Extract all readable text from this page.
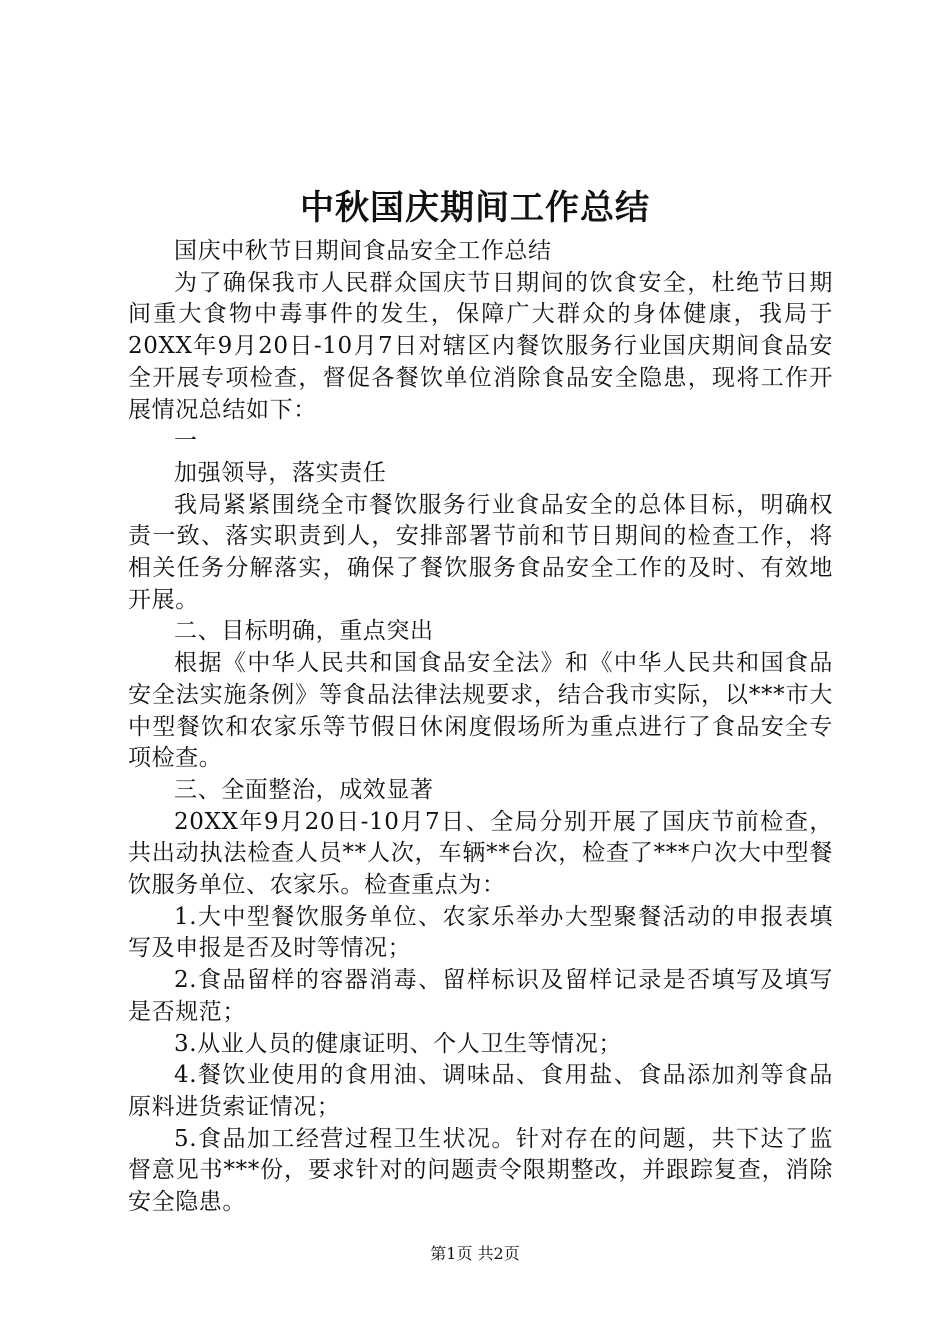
中秋国庆期间工作总结

国庆中秋节日期间食品安全工作总结

为了确保我市人民群众国庆节日期间的饮食安全，杜绝节日期间重大食物中毒事件的发生，保障广大群众的身体健康，我局于20XX年9月20日-10月7日对辖区内餐饮服务行业国庆期间食品安全开展专项检查，督促各餐饮单位消除食品安全隐患，现将工作开展情况总结如下：

一

加强领导，落实责任

我局紧紧围绕全市餐饮服务行业食品安全的总体目标，明确权责一致、落实职责到人，安排部署节前和节日期间的检查工作，将相关任务分解落实，确保了餐饮服务食品安全工作的及时、有效地开展。

二、目标明确，重点突出

根据《中华人民共和国食品安全法》和《中华人民共和国食品安全法实施条例》等食品法律法规要求，结合我市实际，以***市大中型餐饮和农家乐等节假日休闲度假场所为重点进行了食品安全专项检查。

三、全面整治，成效显著

20XX年9月20日-10月7日、全局分别开展了国庆节前检查，共出动执法检查人员**人次，车辆**台次，检查了***户次大中型餐饮服务单位、农家乐。检查重点为：

1.大中型餐饮服务单位、农家乐举办大型聚餐活动的申报表填写及申报是否及时等情况；

2.食品留样的容器消毒、留样标识及留样记录是否填写及填写是否规范；

3.从业人员的健康证明、个人卫生等情况；

4.餐饮业使用的食用油、调味品、食用盐、食品添加剂等食品原料进货索证情况；

5.食品加工经营过程卫生状况。针对存在的问题，共下达了监督意见书***份，要求针对的问题责令限期整改，并跟踪复查，消除安全隐患。

第1页 共2页
